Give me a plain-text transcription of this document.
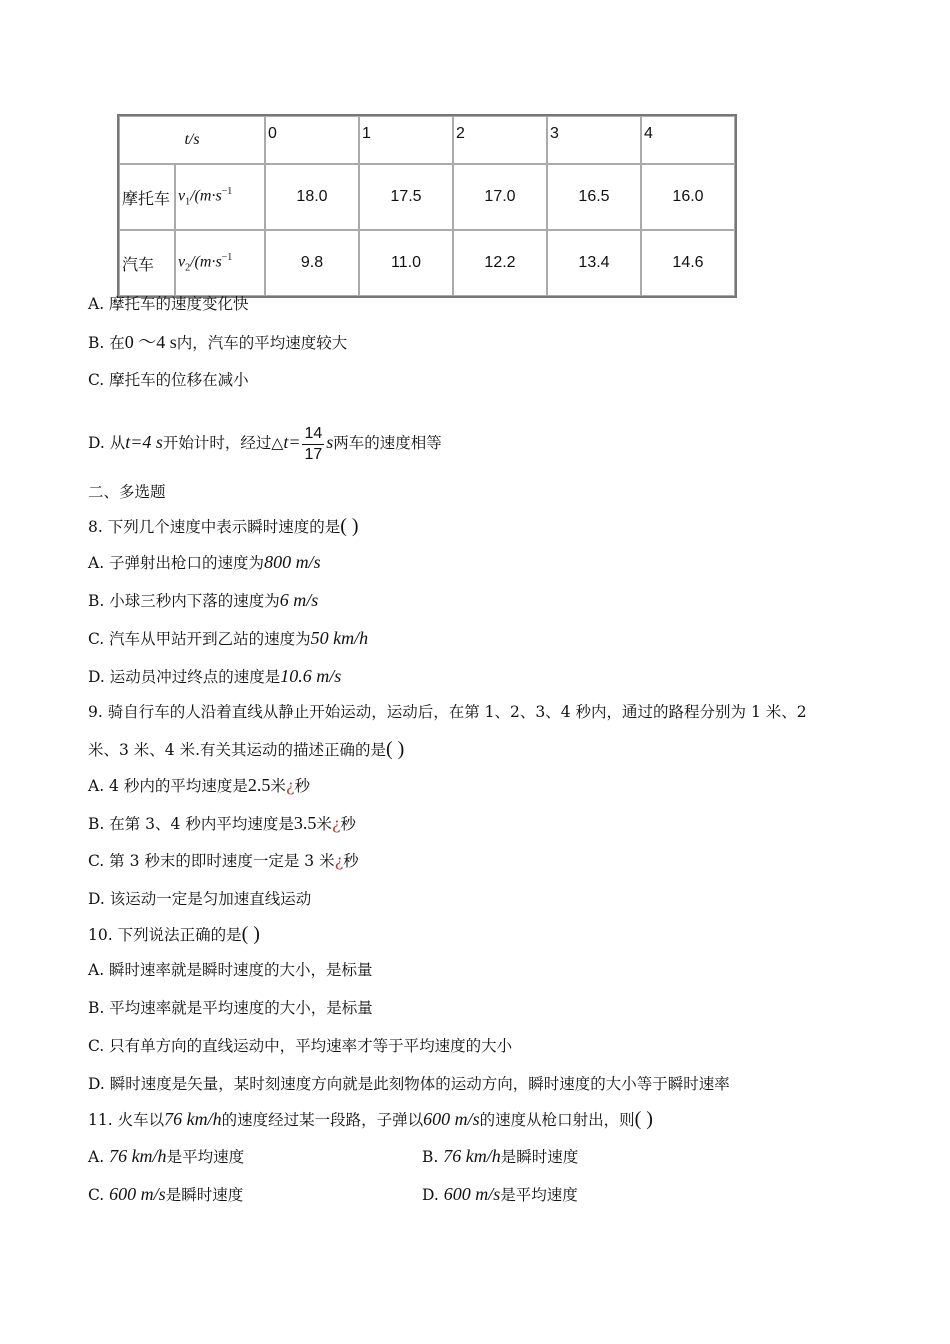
t/s		0	1	2	3	4
摩托车	$v_1/(m\cdot s^{-1}$	18.0	17.5	17.0	16.5	16.0
汽车	$v_2/(m\cdot s^{-1}$	9.8	11.0	12.2	13.4	14.6
A. 摩托车的速度变化快
B. 在0 ～4 s内，汽车的平均速度较大
C. 摩托车的位移在减小
D. 从t=4 s开始计时，经过△t= $\frac{14}{17}$ s两车的速度相等
二、多选题
8. 下列几个速度中表示瞬时速度的是( )
A. 子弹射出枪口的速度为800 m/s
B. 小球三秒内下落的速度为6 m/s
C. 汽车从甲站开到乙站的速度为50 km/h
D. 运动员冲过终点的速度是10.6 m/s
9. 骑自行车的人沿着直线从静止开始运动，运动后，在第 1、2、3、4 秒内，通过的路程分别为 1 米、2
米、3 米、4 米.有关其运动的描述正确的是( )
A. 4 秒内的平均速度是2.5米¿秒
B. 在第 3、4 秒内平均速度是3.5米¿秒
C. 第 3 秒末的即时速度一定是 3 米¿秒
D. 该运动一定是匀加速直线运动
10. 下列说法正确的是( )
A. 瞬时速率就是瞬时速度的大小，是标量
B. 平均速率就是平均速度的大小，是标量
C. 只有单方向的直线运动中，平均速率才等于平均速度的大小
D. 瞬时速度是矢量，某时刻速度方向就是此刻物体的运动方向，瞬时速度的大小等于瞬时速率
11. 火车以76 km/h的速度经过某一段路，子弹以600 m/s的速度从枪口射出，则( )
A. 76 km/h是平均速度	B. 76 km/h是瞬时速度
C. 600 m/s是瞬时速度	D. 600 m/s是平均速度
